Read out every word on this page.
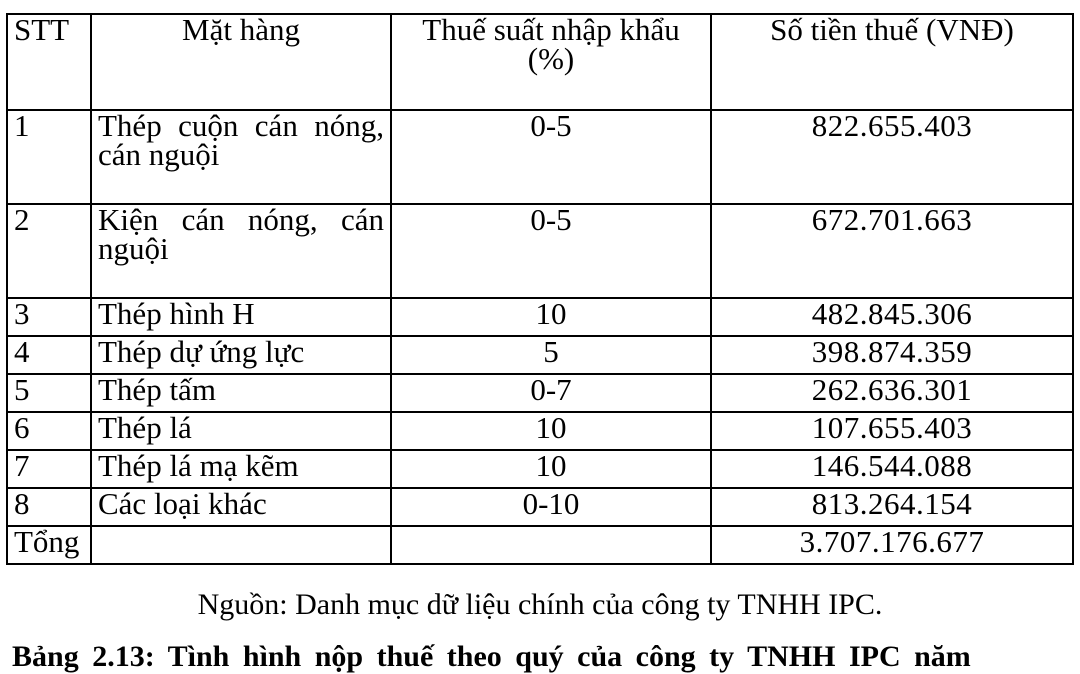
STT	Mặt hàng	Thuế suất nhập khẩu (%)	Số tiền thuế (VNĐ)
1	Thép cuộn cán nóng, cán nguội	0-5	822.655.403
2	Kiện cán nóng, cán nguội	0-5	672.701.663
3	Thép hình H	10	482.845.306
4	Thép dự ứng lực	5	398.874.359
5	Thép tấm	0-7	262.636.301
6	Thép lá	10	107.655.403
7	Thép lá mạ kẽm	10	146.544.088
8	Các loại khác	0-10	813.264.154
Tổng			3.707.176.677
Nguồn: Danh mục dữ liệu chính của công ty TNHH IPC.
Bảng 2.13: Tình hình nộp thuế theo quý của công ty TNHH IPC năm
